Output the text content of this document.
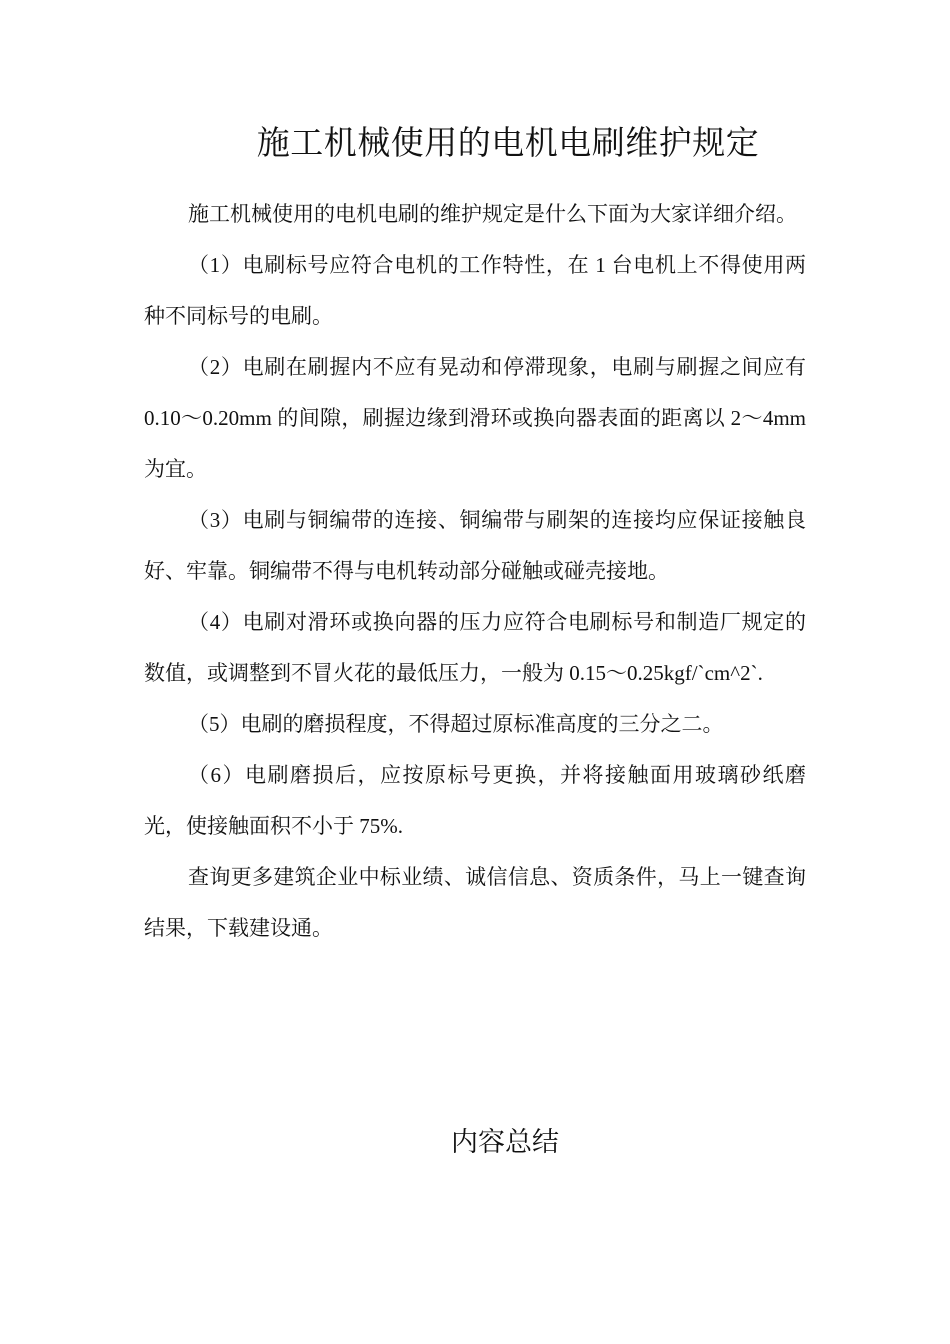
施工机械使用的电机电刷维护规定

施工机械使用的电机电刷的维护规定是什么下面为大家详细介绍。

（1）电刷标号应符合电机的工作特性，在 1 台电机上不得使用两种不同标号的电刷。

（2）电刷在刷握内不应有晃动和停滞现象，电刷与刷握之间应有 0.10～0.20mm 的间隙，刷握边缘到滑环或换向器表面的距离以 2～4mm 为宜。

（3）电刷与铜编带的连接、铜编带与刷架的连接均应保证接触良好、牢靠。铜编带不得与电机转动部分碰触或碰壳接地。

（4）电刷对滑环或换向器的压力应符合电刷标号和制造厂规定的数值，或调整到不冒火花的最低压力，一般为 0.15～0.25kgf/`cm^2`.

（5）电刷的磨损程度，不得超过原标准高度的三分之二。

（6）电刷磨损后，应按原标号更换，并将接触面用玻璃砂纸磨光，使接触面积不小于 75%.

查询更多建筑企业中标业绩、诚信信息、资质条件，马上一键查询结果，下载建设通。

内容总结
